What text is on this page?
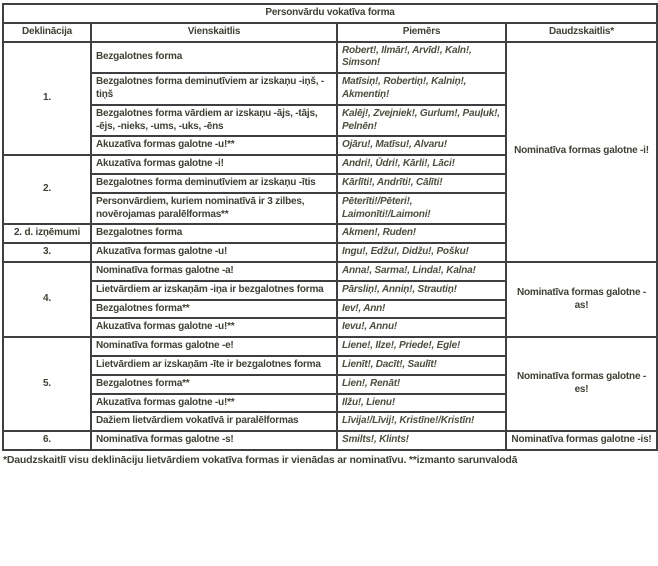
Personvārdu vokatīva forma			
Deklinācija	Vienskaitlis	Piemērs	Daudzskaitlis*
1.	Bezgalotnes forma	Robert!, Ilmār!, Arvīd!, Kaln!, Simson!	Nominatīva formas galotne -i!
	Bezgalotnes forma deminutīviem ar izskaņu -iņš, -tiņš	Matīsiņ!, Robertiņ!, Kalniņ!, Akmentiņ!	
	Bezgalotnes forma vārdiem ar izskaņu -ājs, -tājs, -ējs, -nieks, -ums, -uks, -ēns	Kalēj!, Zvejniek!, Gurlum!, Pauļuk!, Pelnēn!	
	Akuzatīva formas galotne -u!**	Ojāru!, Matīsu!, Alvaru!	
2.	Akuzatīva formas galotne -i!	Andri!, Ūdri!, Kārli!, Lāci!	
	Bezgalotnes forma deminutīviem ar izskaņu -ītis	Kārlīti!, Andrīti!, Cālīti!	
	Personvārdiem, kuriem nominatīvā ir 3 zilbes, novērojamas paralēlformas**	Pēterīti!/Pēteri!, Laimonīti!/Laimoni!	
2. d. izņēmumi	Bezgalotnes forma	Akmen!, Ruden!	
3.	Akuzatīva formas galotne -u!	Ingu!, Edžu!, Didžu!, Pošku!	
4.	Nominatīva formas galotne -a!	Anna!, Sarma!, Linda!, Kalna!	Nominatīva formas galotne -as!
	Lietvārdiem ar izskaņām -iņa ir bezgalotnes forma	Pārsliņ!, Anniņ!, Strautiņ!	
	Bezgalotnes forma**	Iev!, Ann!	
	Akuzatīva formas galotne -u!**	Ievu!, Annu!	
5.	Nominatīva formas galotne -e!	Liene!, Ilze!, Priede!, Egle!	Nominatīva formas galotne -es!
	Lietvārdiem ar izskaņām -īte ir bezgalotnes forma	Lienīt!, Dacīt!, Saulīt!	
	Bezgalotnes forma**	Lien!, Renāt!	
	Akuzatīva formas galotne -u!**	Ilžu!, Lienu!	
	Dažiem lietvārdiem vokatīvā ir paralēlformas	Līvija!/Līvij!, Kristīne!/Kristīn!	
6.	Nominatīva formas galotne -s!	Smilts!, Klints!	Nominatīva formas galotne -is!
*Daudzskaitlī visu deklināciju lietvārdiem vokatīva formas ir vienādas ar nominatīvu. **izmanto sarunvalodā
